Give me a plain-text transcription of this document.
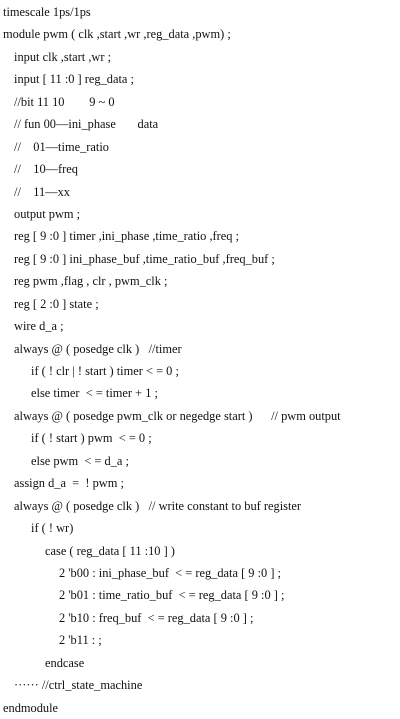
timescale 1ps/1ps
module pwm ( clk ,start ,wr ,reg_data ,pwm) ;
input clk ,start ,wr ;
input [ 11 :0 ] reg_data ;
//bit 11 10        9 ~ 0
// fun 00—ini_phase       data
//    01—time_ratio
//    10—freq
//    11—xx
output pwm ;
reg [ 9 :0 ] timer ,ini_phase ,time_ratio ,freq ;
reg [ 9 :0 ] ini_phase_buf ,time_ratio_buf ,freq_buf ;
reg pwm ,flag , clr , pwm_clk ;
reg [ 2 :0 ] state ;
wire d_a ;
always @ ( posedge clk )   //timer
if ( ! clr | ! start ) timer < = 0 ;
else timer  < = timer + 1 ;
always @ ( posedge pwm_clk or negedge start )      // pwm output
if ( ! start ) pwm  < = 0 ;
else pwm  < = d_a ;
assign d_a  =  ! pwm ;
always @ ( posedge clk )   // write constant to buf register
if ( ! wr)
case ( reg_data [ 11 :10 ] )
2 'b00 : ini_phase_buf  < = reg_data [ 9 :0 ] ;
2 'b01 : time_ratio_buf  < = reg_data [ 9 :0 ] ;
2 'b10 : freq_buf  < = reg_data [ 9 :0 ] ;
2 'b11 : ;
endcase
······ //ctrl_state_machine
endmodule
